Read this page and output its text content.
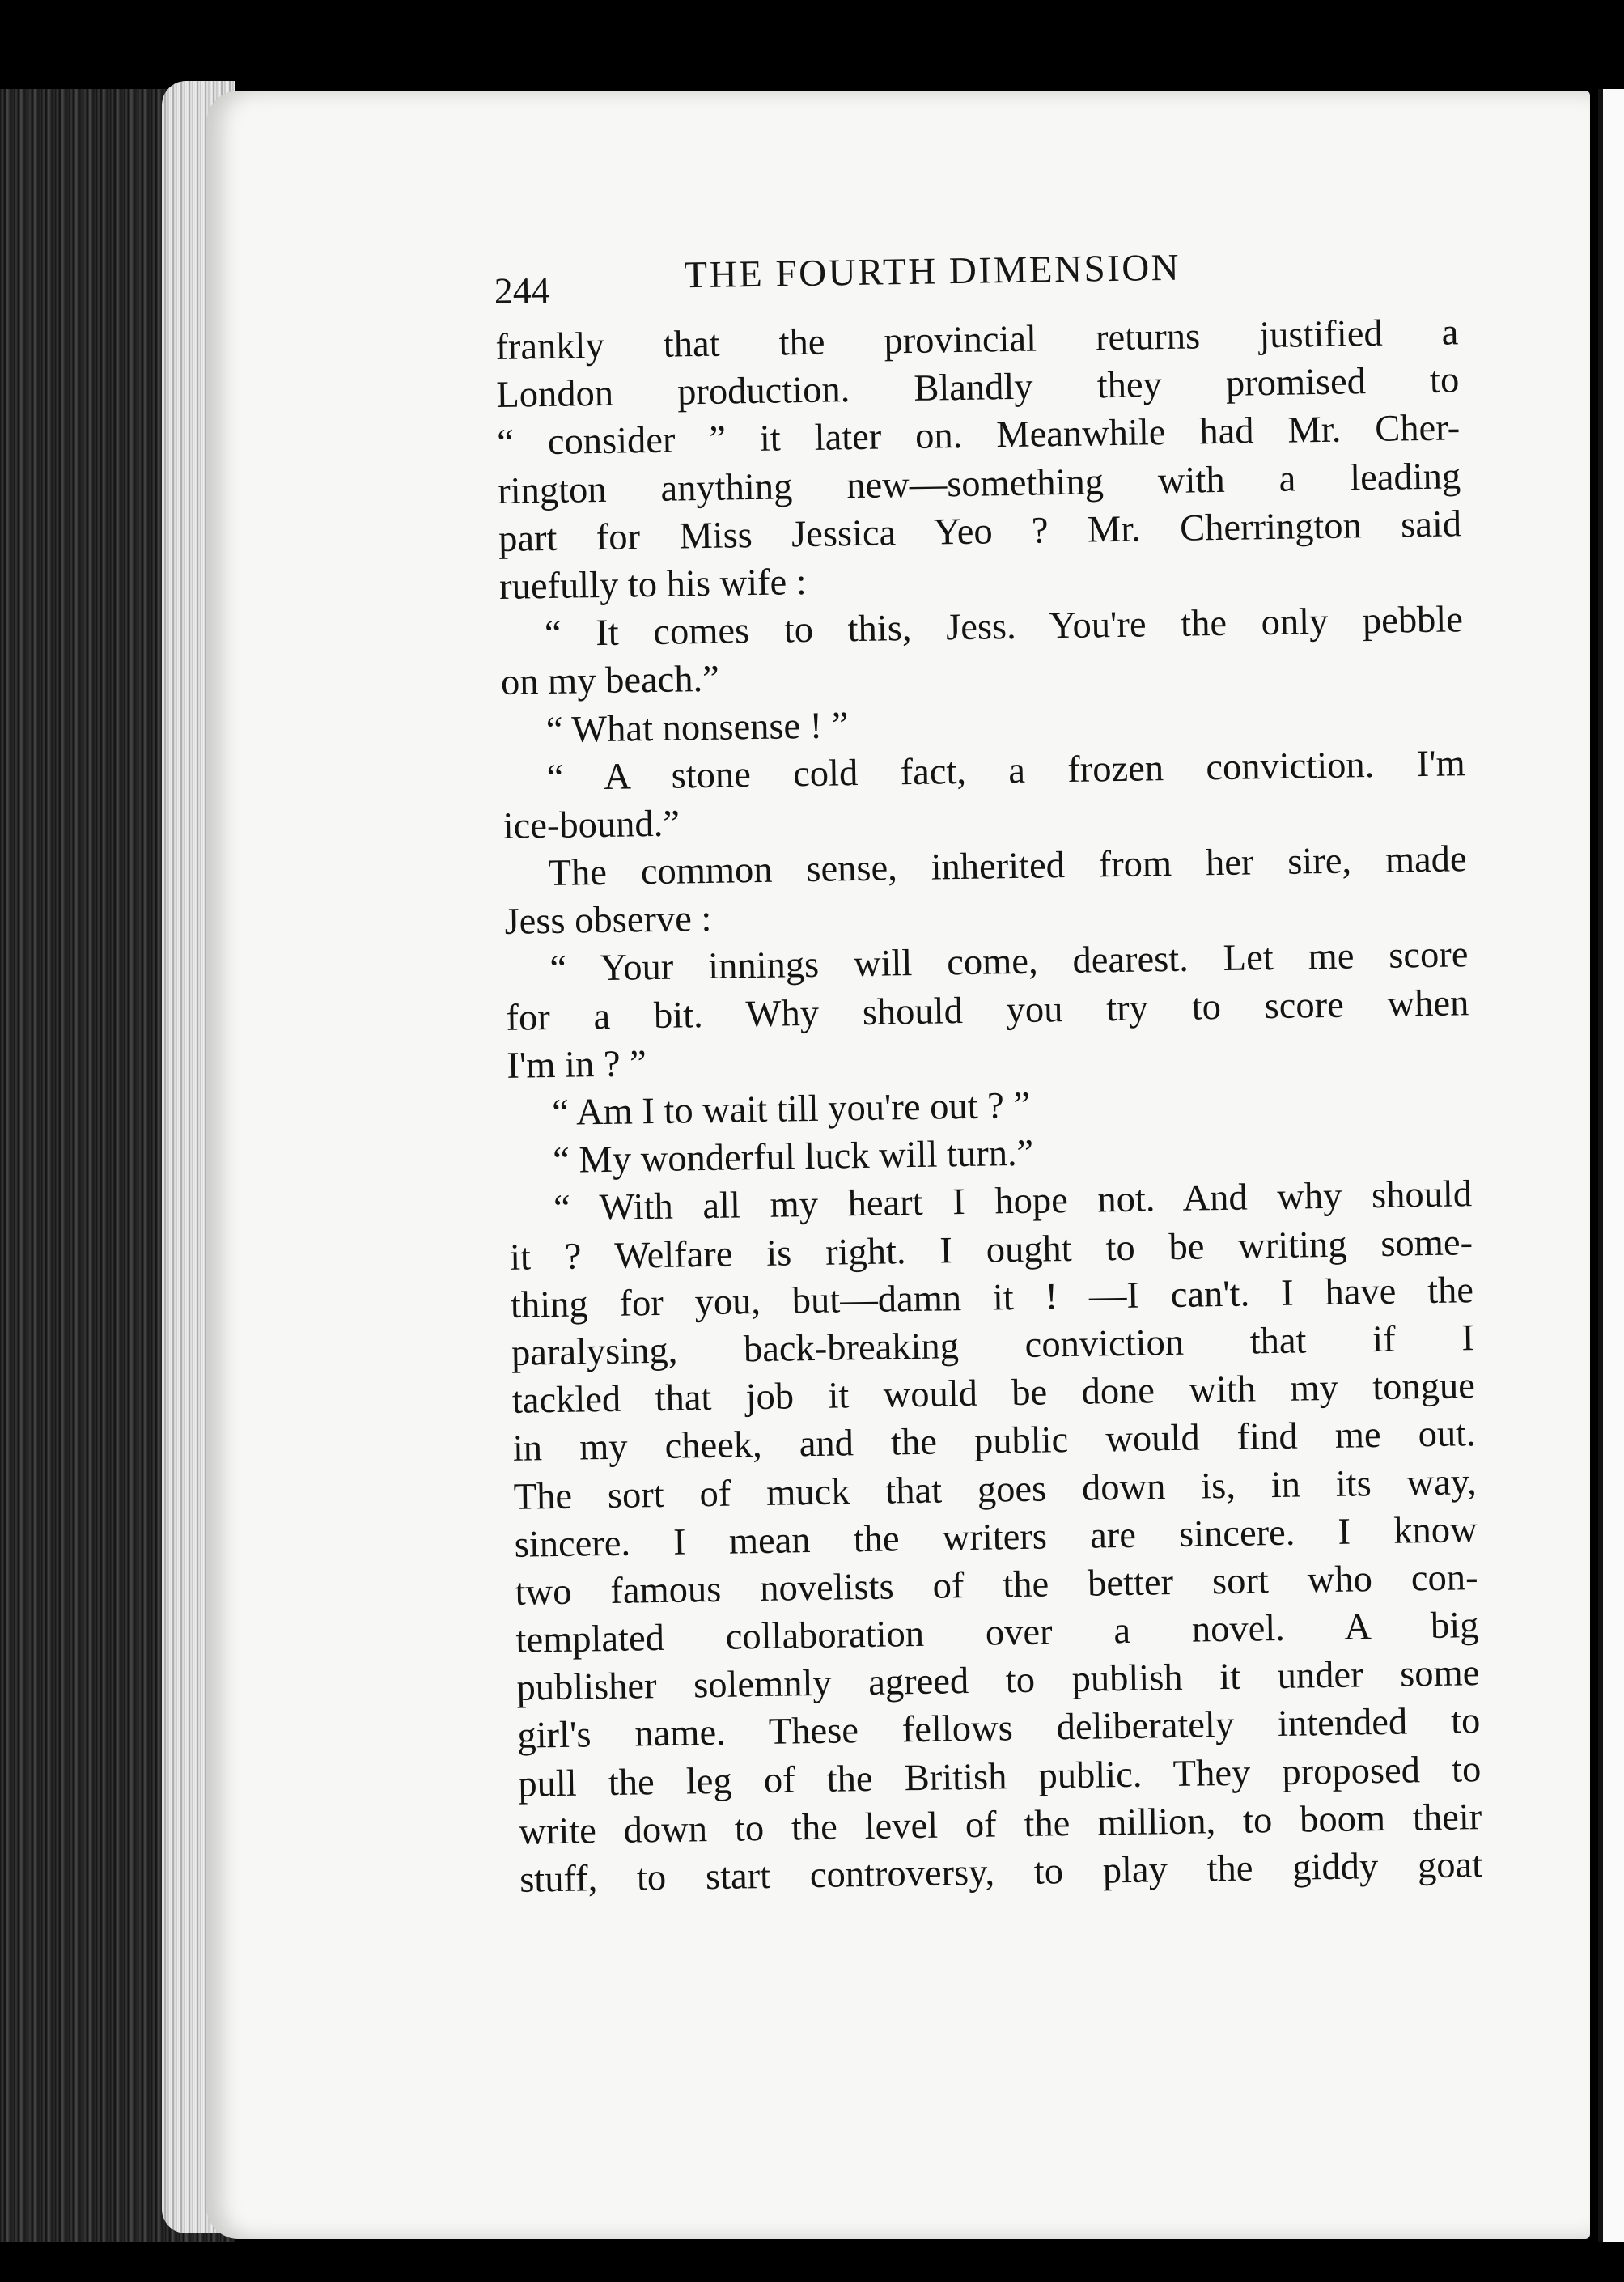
244	THE FOURTH DIMENSION
frankly that the provincial returns justified a
London production. Blandly they promised to
“ consider ” it later on. Meanwhile had Mr. Cher-
rington anything new—something with a leading
part for Miss Jessica Yeo ? Mr. Cherrington said
ruefully to his wife :
“ It comes to this, Jess. You're the only pebble
on my beach.”
“ What nonsense ! ”
“ A stone cold fact, a frozen conviction. I'm
ice-bound.”
The common sense, inherited from her sire, made
Jess observe :
“ Your innings will come, dearest. Let me score
for a bit. Why should you try to score when
I'm in ? ”
“ Am I to wait till you're out ? ”
“ My wonderful luck will turn.”
“ With all my heart I hope not. And why should
it ? Welfare is right. I ought to be writing some-
thing for you, but—damn it ! —I can't. I have the
paralysing, back-breaking conviction that if I
tackled that job it would be done with my tongue
in my cheek, and the public would find me out.
The sort of muck that goes down is, in its way,
sincere. I mean the writers are sincere. I know
two famous novelists of the better sort who con-
templated collaboration over a novel. A big
publisher solemnly agreed to publish it under some
girl's name. These fellows deliberately intended to
pull the leg of the British public. They proposed to
write down to the level of the million, to boom their
stuff, to start controversy, to play the giddy goat
